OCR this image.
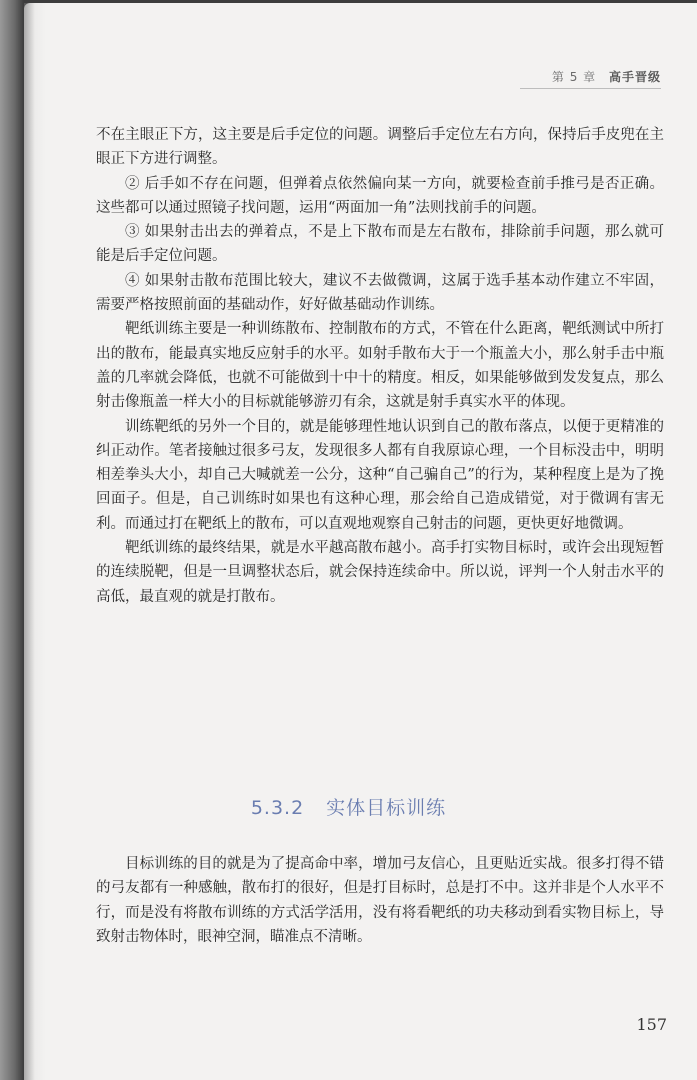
第 5 章 高手晋级

不在主眼正下方，这主要是后手定位的问题。调整后手定位左右方向，保持后手皮兜在主眼正下方进行调整。

② 后手如不存在问题，但弹着点依然偏向某一方向，就要检查前手推弓是否正确。这些都可以通过照镜子找问题，运用“两面加一角”法则找前手的问题。

③ 如果射击出去的弹着点，不是上下散布而是左右散布，排除前手问题，那么就可能是后手定位问题。

④ 如果射击散布范围比较大，建议不去做微调，这属于选手基本动作建立不牢固，需要严格按照前面的基础动作，好好做基础动作训练。

靶纸训练主要是一种训练散布、控制散布的方式，不管在什么距离，靶纸测试中所打出的散布，能最真实地反应射手的水平。如射手散布大于一个瓶盖大小，那么射手击中瓶盖的几率就会降低，也就不可能做到十中十的精度。相反，如果能够做到发发复点，那么射击像瓶盖一样大小的目标就能够游刃有余，这就是射手真实水平的体现。

训练靶纸的另外一个目的，就是能够理性地认识到自己的散布落点，以便于更精准的纠正动作。笔者接触过很多弓友，发现很多人都有自我原谅心理，一个目标没击中，明明相差拳头大小，却自己大喊就差一公分，这种“自己骗自己”的行为，某种程度上是为了挽回面子。但是，自己训练时如果也有这种心理，那会给自己造成错觉，对于微调有害无利。而通过打在靶纸上的散布，可以直观地观察自己射击的问题，更快更好地微调。

靶纸训练的最终结果，就是水平越高散布越小。高手打实物目标时，或许会出现短暂的连续脱靶，但是一旦调整状态后，就会保持连续命中。所以说，评判一个人射击水平的高低，最直观的就是打散布。

5.3.2 实体目标训练

目标训练的目的就是为了提高命中率，增加弓友信心，且更贴近实战。很多打得不错的弓友都有一种感触，散布打的很好，但是打目标时，总是打不中。这并非是个人水平不行，而是没有将散布训练的方式活学活用，没有将看靶纸的功夫移动到看实物目标上，导致射击物体时，眼神空洞，瞄准点不清晰。

157
